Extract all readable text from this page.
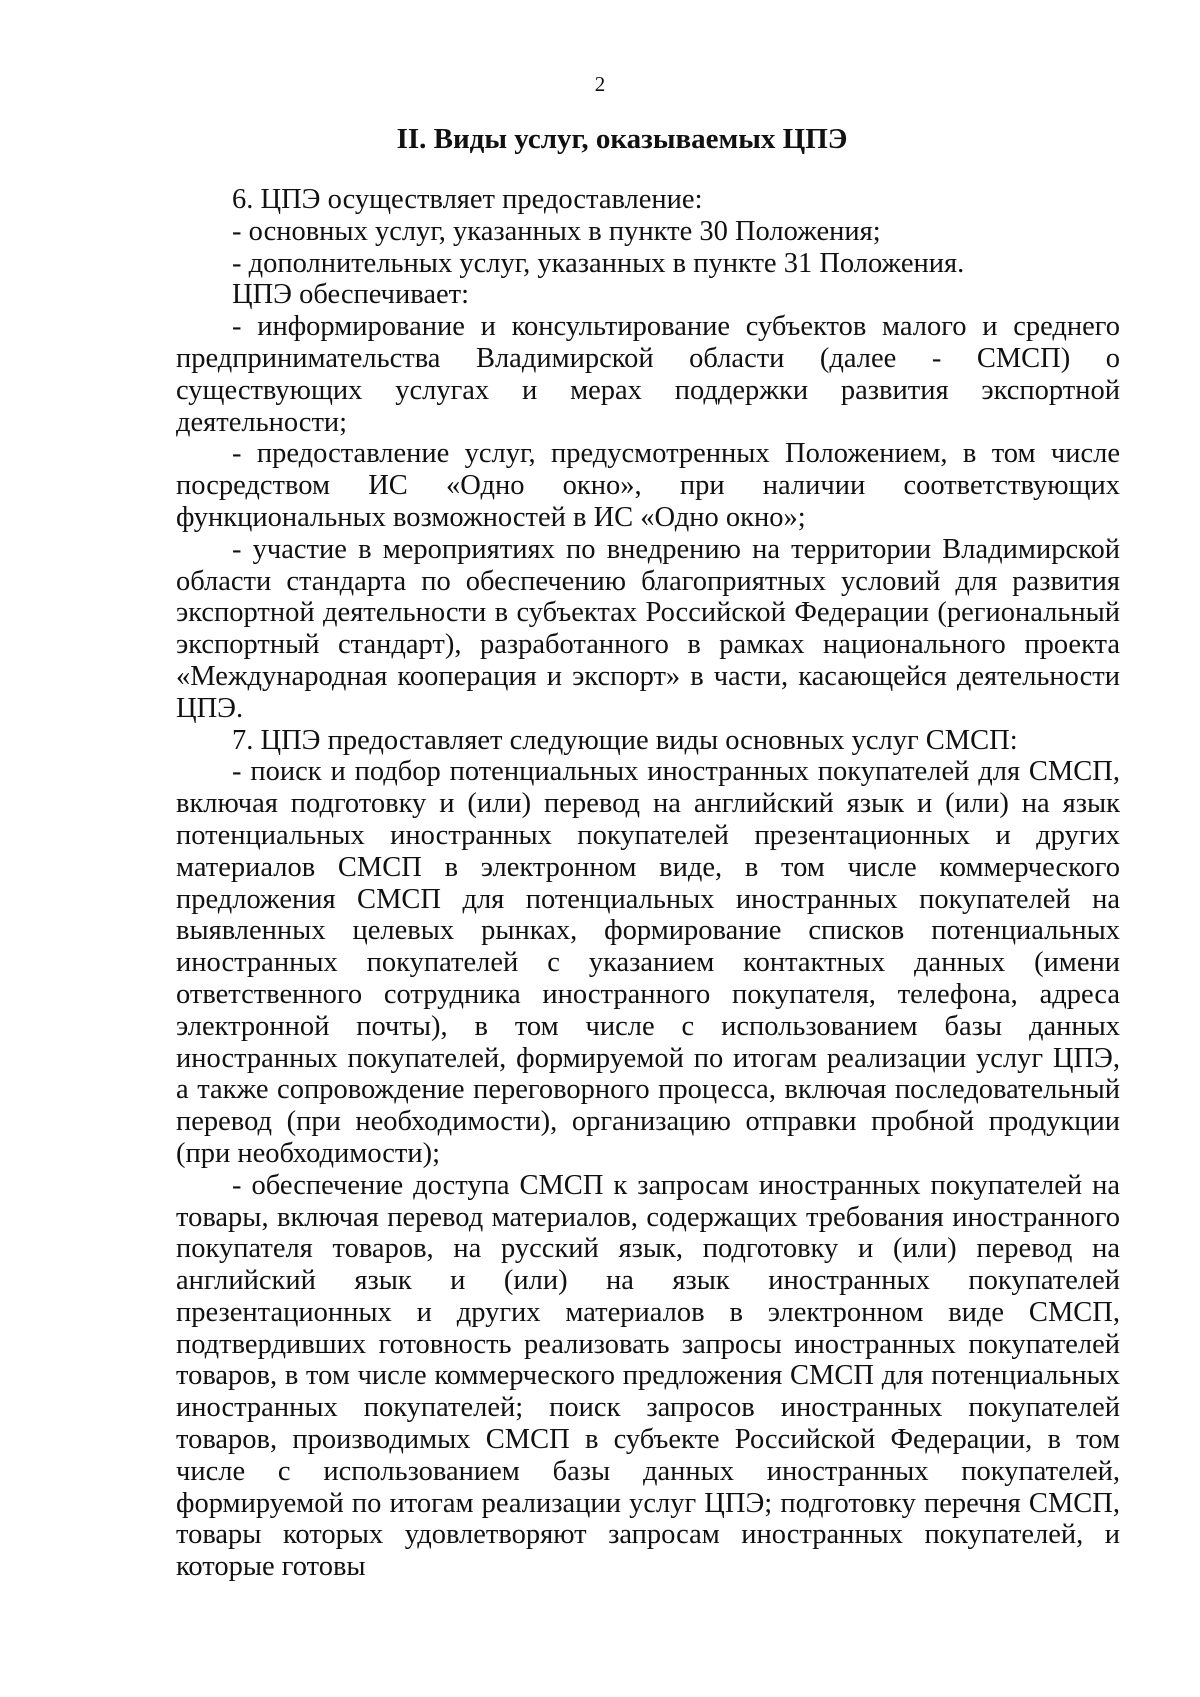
2
II. Виды услуг, оказываемых ЦПЭ

6. ЦПЭ осуществляет предоставление:

- основных услуг, указанных в пункте 30 Положения;

- дополнительных услуг, указанных в пункте 31 Положения.

ЦПЭ обеспечивает:

- информирование и консультирование субъектов малого и среднего предпринимательства Владимирской области (далее - СМСП) о существующих услугах и мерах поддержки развития экспортной деятельности;

- предоставление услуг, предусмотренных Положением, в том числе посредством ИС «Одно окно», при наличии соответствующих функциональных возможностей в ИС «Одно окно»;

- участие в мероприятиях по внедрению на территории Владимирской области стандарта по обеспечению благоприятных условий для развития экспортной деятельности в субъектах Российской Федерации (региональный экспортный стандарт), разработанного в рамках национального проекта «Международная кооперация и экспорт» в части, касающейся деятельности ЦПЭ.

7. ЦПЭ предоставляет следующие виды основных услуг СМСП:

- поиск и подбор потенциальных иностранных покупателей для СМСП, включая подготовку и (или) перевод на английский язык и (или) на язык потенциальных иностранных покупателей презентационных и других материалов СМСП в электронном виде, в том числе коммерческого предложения СМСП для потенциальных иностранных покупателей на выявленных целевых рынках, формирование списков потенциальных иностранных покупателей с указанием контактных данных (имени ответственного сотрудника иностранного покупателя, телефона, адреса электронной почты), в том числе с использованием базы данных иностранных покупателей, формируемой по итогам реализации услуг ЦПЭ, а также сопровождение переговорного процесса, включая последовательный перевод (при необходимости), организацию отправки пробной продукции (при необходимости);

- обеспечение доступа СМСП к запросам иностранных покупателей на товары, включая перевод материалов, содержащих требования иностранного покупателя товаров, на русский язык, подготовку и (или) перевод на английский язык и (или) на язык иностранных покупателей презентационных и других материалов в электронном виде СМСП, подтвердивших готовность реализовать запросы иностранных покупателей товаров, в том числе коммерческого предложения СМСП для потенциальных иностранных покупателей; поиск запросов иностранных покупателей товаров, производимых СМСП в субъекте Российской Федерации, в том числе с использованием базы данных иностранных покупателей, формируемой по итогам реализации услуг ЦПЭ; подготовку перечня СМСП, товары которых удовлетворяют запросам иностранных покупателей, и которые готовы
